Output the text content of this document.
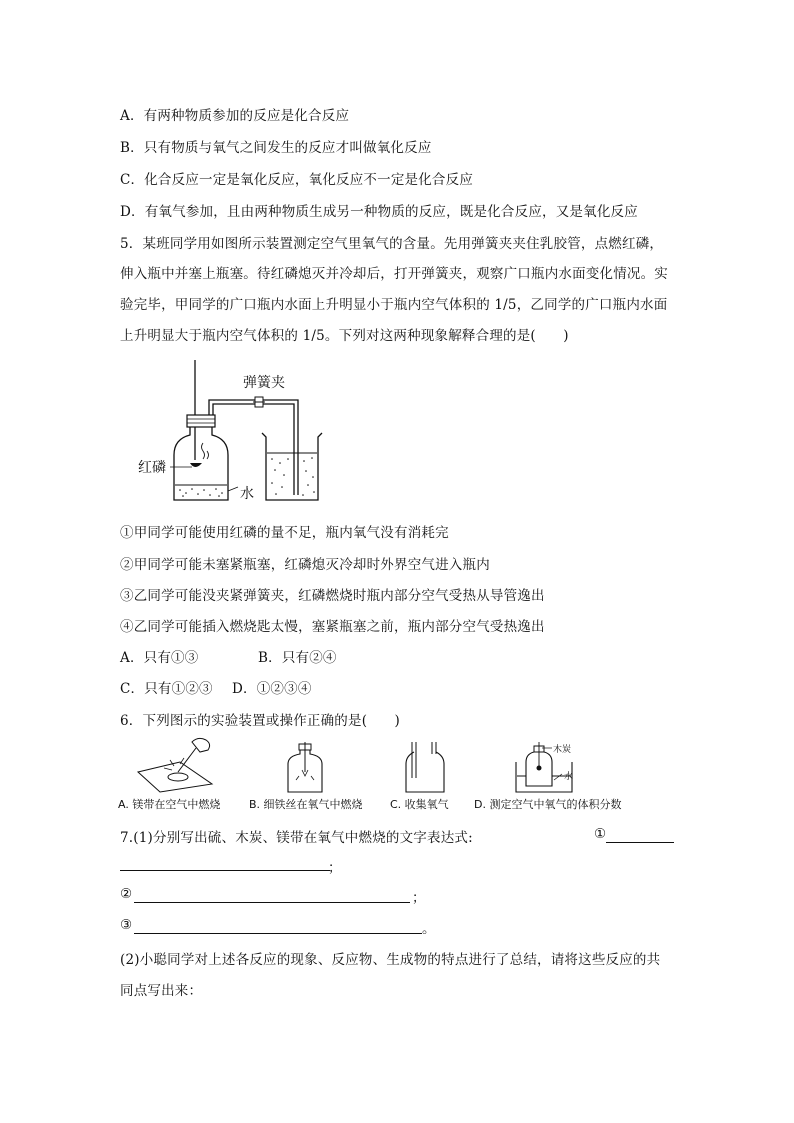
A．有两种物质参加的反应是化合反应
B．只有物质与氧气之间发生的反应才叫做氧化反应
C．化合反应一定是氧化反应，氧化反应不一定是化合反应
D．有氧气参加，且由两种物质生成另一种物质的反应，既是化合反应，又是氧化反应
5．某班同学用如图所示装置测定空气里氧气的含量。先用弹簧夹夹住乳胶管，点燃红磷，
伸入瓶中并塞上瓶塞。待红磷熄灭并冷却后，打开弹簧夹，观察广口瓶内水面变化情况。实
验完毕，甲同学的广口瓶内水面上升明显小于瓶内空气体积的 1/5，乙同学的广口瓶内水面
上升明显大于瓶内空气体积的 1/5。下列对这两种现象解释合理的是(　　)
弹簧夹
红磷
水
①甲同学可能使用红磷的量不足，瓶内氧气没有消耗完
②甲同学可能未塞紧瓶塞，红磷熄灭冷却时外界空气进入瓶内
③乙同学可能没夹紧弹簧夹，红磷燃烧时瓶内部分空气受热从导管逸出
④乙同学可能插入燃烧匙太慢，塞紧瓶塞之前，瓶内部分空气受热逸出
A．只有①③	B．只有②④
C．只有①②③ D．①②③④
6．下列图示的实验装置或操作正确的是(　　)
木炭
水
A. 镁带在空气中燃烧	B. 细铁丝在氧气中燃烧 C. 收集氧气 D. 测定空气中氧气的体积分数
7.(1)分别写出硫、木炭、镁带在氧气中燃烧的文字表达式:	①
；
②	；
③	。
(2)小聪同学对上述各反应的现象、反应物、生成物的特点进行了总结，请将这些反应的共
同点写出来：
